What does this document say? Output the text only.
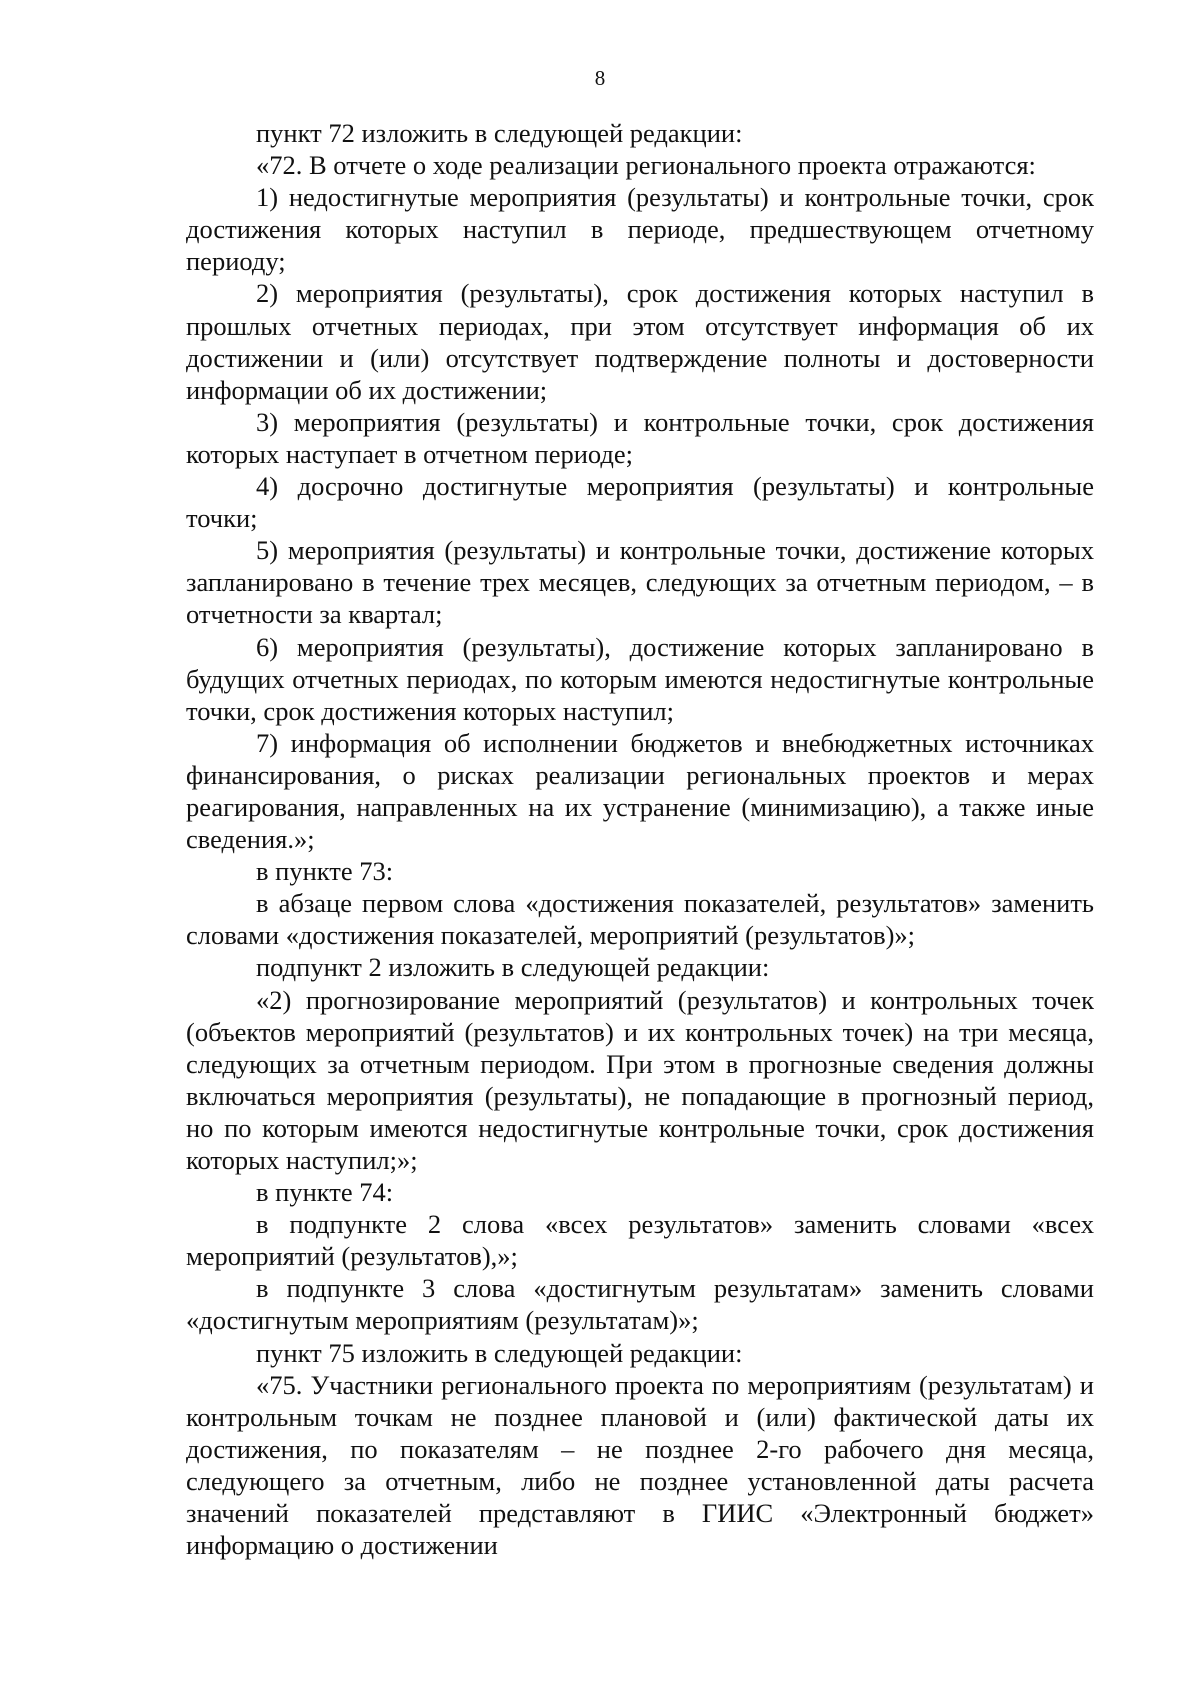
8

пункт 72 изложить в следующей редакции:

«72. В отчете о ходе реализации регионального проекта отражаются:

1) недостигнутые мероприятия (результаты) и контрольные точки, срок достижения которых наступил в периоде, предшествующем отчетному периоду;

2) мероприятия (результаты), срок достижения которых наступил в прошлых отчетных периодах, при этом отсутствует информация об их достижении и (или) отсутствует подтверждение полноты и достоверности информации об их достижении;

3) мероприятия (результаты) и контрольные точки, срок достижения которых наступает в отчетном периоде;

4) досрочно достигнутые мероприятия (результаты) и контрольные точки;

5) мероприятия (результаты) и контрольные точки, достижение которых запланировано в течение трех месяцев, следующих за отчетным периодом, – в отчетности за квартал;

6) мероприятия (результаты), достижение которых запланировано в будущих отчетных периодах, по которым имеются недостигнутые контрольные точки, срок достижения которых наступил;

7) информация об исполнении бюджетов и внебюджетных источниках финансирования, о рисках реализации региональных проектов и мерах реагирования, направленных на их устранение (минимизацию), а также иные сведения.»;

в пункте 73:

в абзаце первом слова «достижения показателей, результатов» заменить словами «достижения показателей, мероприятий (результатов)»;

подпункт 2 изложить в следующей редакции:

«2) прогнозирование мероприятий (результатов) и контрольных точек (объектов мероприятий (результатов) и их контрольных точек) на три месяца, следующих за отчетным периодом. При этом в прогнозные сведения должны включаться мероприятия (результаты), не попадающие в прогнозный период, но по которым имеются недостигнутые контрольные точки, срок достижения которых наступил;»;

в пункте 74:

в подпункте 2 слова «всех результатов» заменить словами «всех мероприятий (результатов),»;

в подпункте 3 слова «достигнутым результатам» заменить словами «достигнутым мероприятиям (результатам)»;

пункт 75 изложить в следующей редакции:

«75. Участники регионального проекта по мероприятиям (результатам) и контрольным точкам не позднее плановой и (или) фактической даты их достижения, по показателям – не позднее 2-го рабочего дня месяца, следующего за отчетным, либо не позднее установленной даты расчета значений показателей представляют в ГИИС «Электронный бюджет» информацию о достижении
